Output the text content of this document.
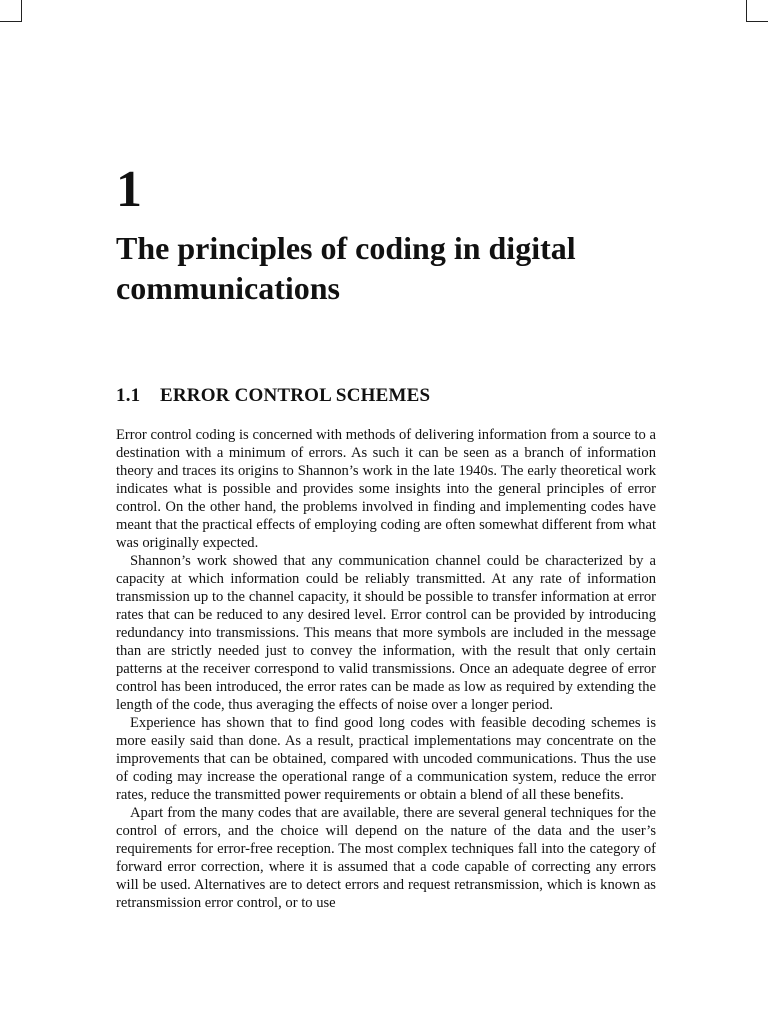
1
The principles of coding in digital communications
1.1 ERROR CONTROL SCHEMES

Error control coding is concerned with methods of delivering information from a source to a destination with a minimum of errors. As such it can be seen as a branch of information theory and traces its origins to Shannon’s work in the late 1940s. The early theoretical work indicates what is possible and provides some insights into the general principles of error control. On the other hand, the problems involved in finding and implementing codes have meant that the practical effects of employing coding are often somewhat different from what was originally expected.

Shannon’s work showed that any communication channel could be characterized by a capacity at which information could be reliably transmitted. At any rate of information transmission up to the channel capacity, it should be possible to transfer information at error rates that can be reduced to any desired level. Error control can be provided by introducing redundancy into transmissions. This means that more symbols are included in the message than are strictly needed just to convey the information, with the result that only certain patterns at the receiver correspond to valid transmissions. Once an adequate degree of error control has been introduced, the error rates can be made as low as required by extending the length of the code, thus averaging the effects of noise over a longer period.

Experience has shown that to find good long codes with feasible decoding schemes is more easily said than done. As a result, practical implementations may concentrate on the improvements that can be obtained, compared with uncoded communications. Thus the use of coding may increase the operational range of a communication system, reduce the error rates, reduce the transmitted power requirements or obtain a blend of all these benefits.

Apart from the many codes that are available, there are several general techniques for the control of errors, and the choice will depend on the nature of the data and the user’s requirements for error-free reception. The most complex techniques fall into the category of forward error correction, where it is assumed that a code capable of correcting any errors will be used. Alternatives are to detect errors and request retransmission, which is known as retransmission error control, or to use
